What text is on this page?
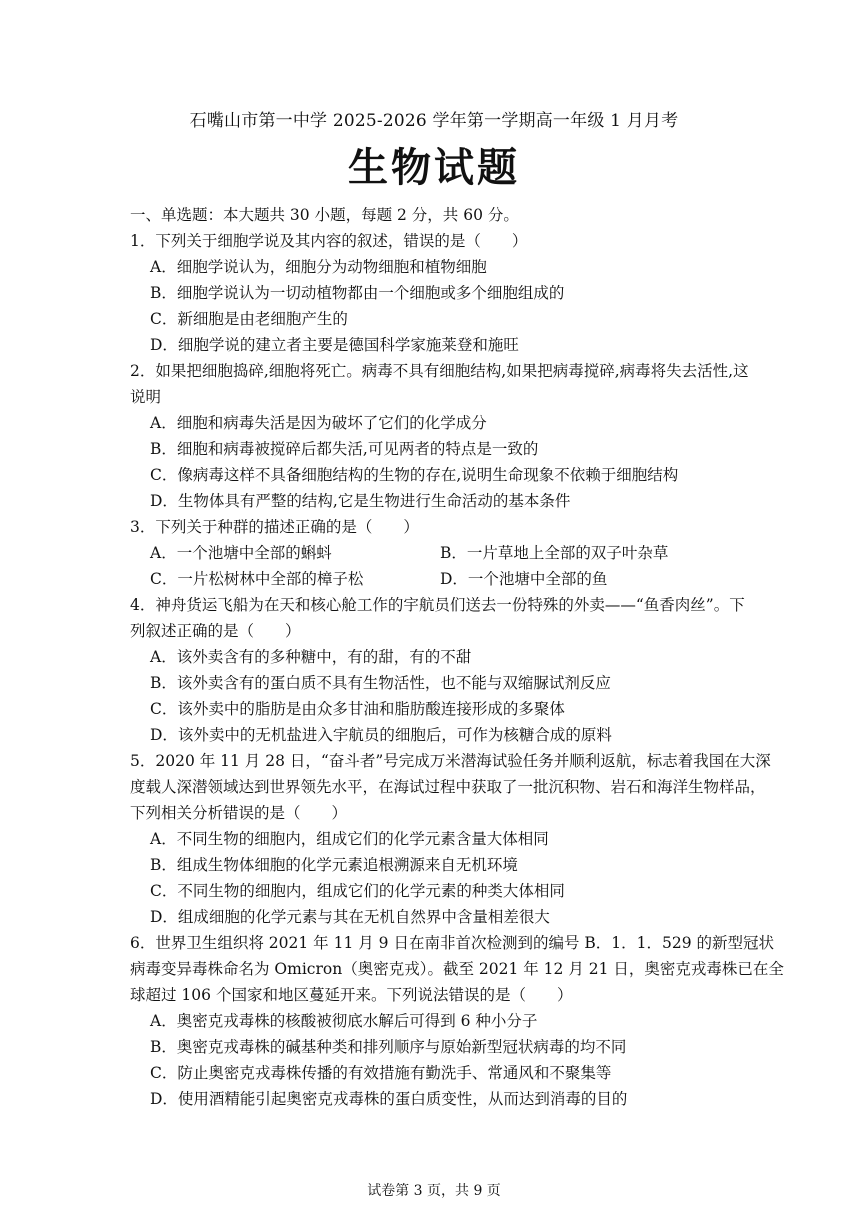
石嘴山市第一中学 2025-2026 学年第一学期高一年级 1 月月考
生物试题
一、单选题：本大题共 30 小题，每题 2 分，共 60 分。
1．下列关于细胞学说及其内容的叙述，错误的是（　　）
A．细胞学说认为，细胞分为动物细胞和植物细胞
B．细胞学说认为一切动植物都由一个细胞或多个细胞组成的
C．新细胞是由老细胞产生的
D．细胞学说的建立者主要是德国科学家施莱登和施旺
2．如果把细胞捣碎,细胞将死亡。病毒不具有细胞结构,如果把病毒搅碎,病毒将失去活性,这
说明
A．细胞和病毒失活是因为破坏了它们的化学成分
B．细胞和病毒被搅碎后都失活,可见两者的特点是一致的
C．像病毒这样不具备细胞结构的生物的存在,说明生命现象不依赖于细胞结构
D．生物体具有严整的结构,它是生物进行生命活动的基本条件
3．下列关于种群的描述正确的是（　　）
A．一个池塘中全部的蝌蚪	B．一片草地上全部的双子叶杂草
C．一片松树林中全部的樟子松	D．一个池塘中全部的鱼
4．神舟货运飞船为在天和核心舱工作的宇航员们送去一份特殊的外卖——“鱼香肉丝”。下
列叙述正确的是（　　）
A．该外卖含有的多种糖中，有的甜，有的不甜
B．该外卖含有的蛋白质不具有生物活性，也不能与双缩脲试剂反应
C．该外卖中的脂肪是由众多甘油和脂肪酸连接形成的多聚体
D．该外卖中的无机盐进入宇航员的细胞后，可作为核糖合成的原料
5．2020 年 11 月 28 日，“奋斗者”号完成万米潜海试验任务并顺利返航，标志着我国在大深
度载人深潜领域达到世界领先水平，在海试过程中获取了一批沉积物、岩石和海洋生物样品，
下列相关分析错误的是（　　）
A．不同生物的细胞内，组成它们的化学元素含量大体相同
B．组成生物体细胞的化学元素追根溯源来自无机环境
C．不同生物的细胞内，组成它们的化学元素的种类大体相同
D．组成细胞的化学元素与其在无机自然界中含量相差很大
6．世界卫生组织将 2021 年 11 月 9 日在南非首次检测到的编号 B．1．1．529 的新型冠状
病毒变异毒株命名为 Omicron（奥密克戎）。截至 2021 年 12 月 21 日，奥密克戎毒株已在全
球超过 106 个国家和地区蔓延开来。下列说法错误的是（　　）
A．奥密克戎毒株的核酸被彻底水解后可得到 6 种小分子
B．奥密克戎毒株的碱基种类和排列顺序与原始新型冠状病毒的均不同
C．防止奥密克戎毒株传播的有效措施有勤洗手、常通风和不聚集等
D．使用酒精能引起奥密克戎毒株的蛋白质变性，从而达到消毒的目的
试卷第 3 页，共 9 页
